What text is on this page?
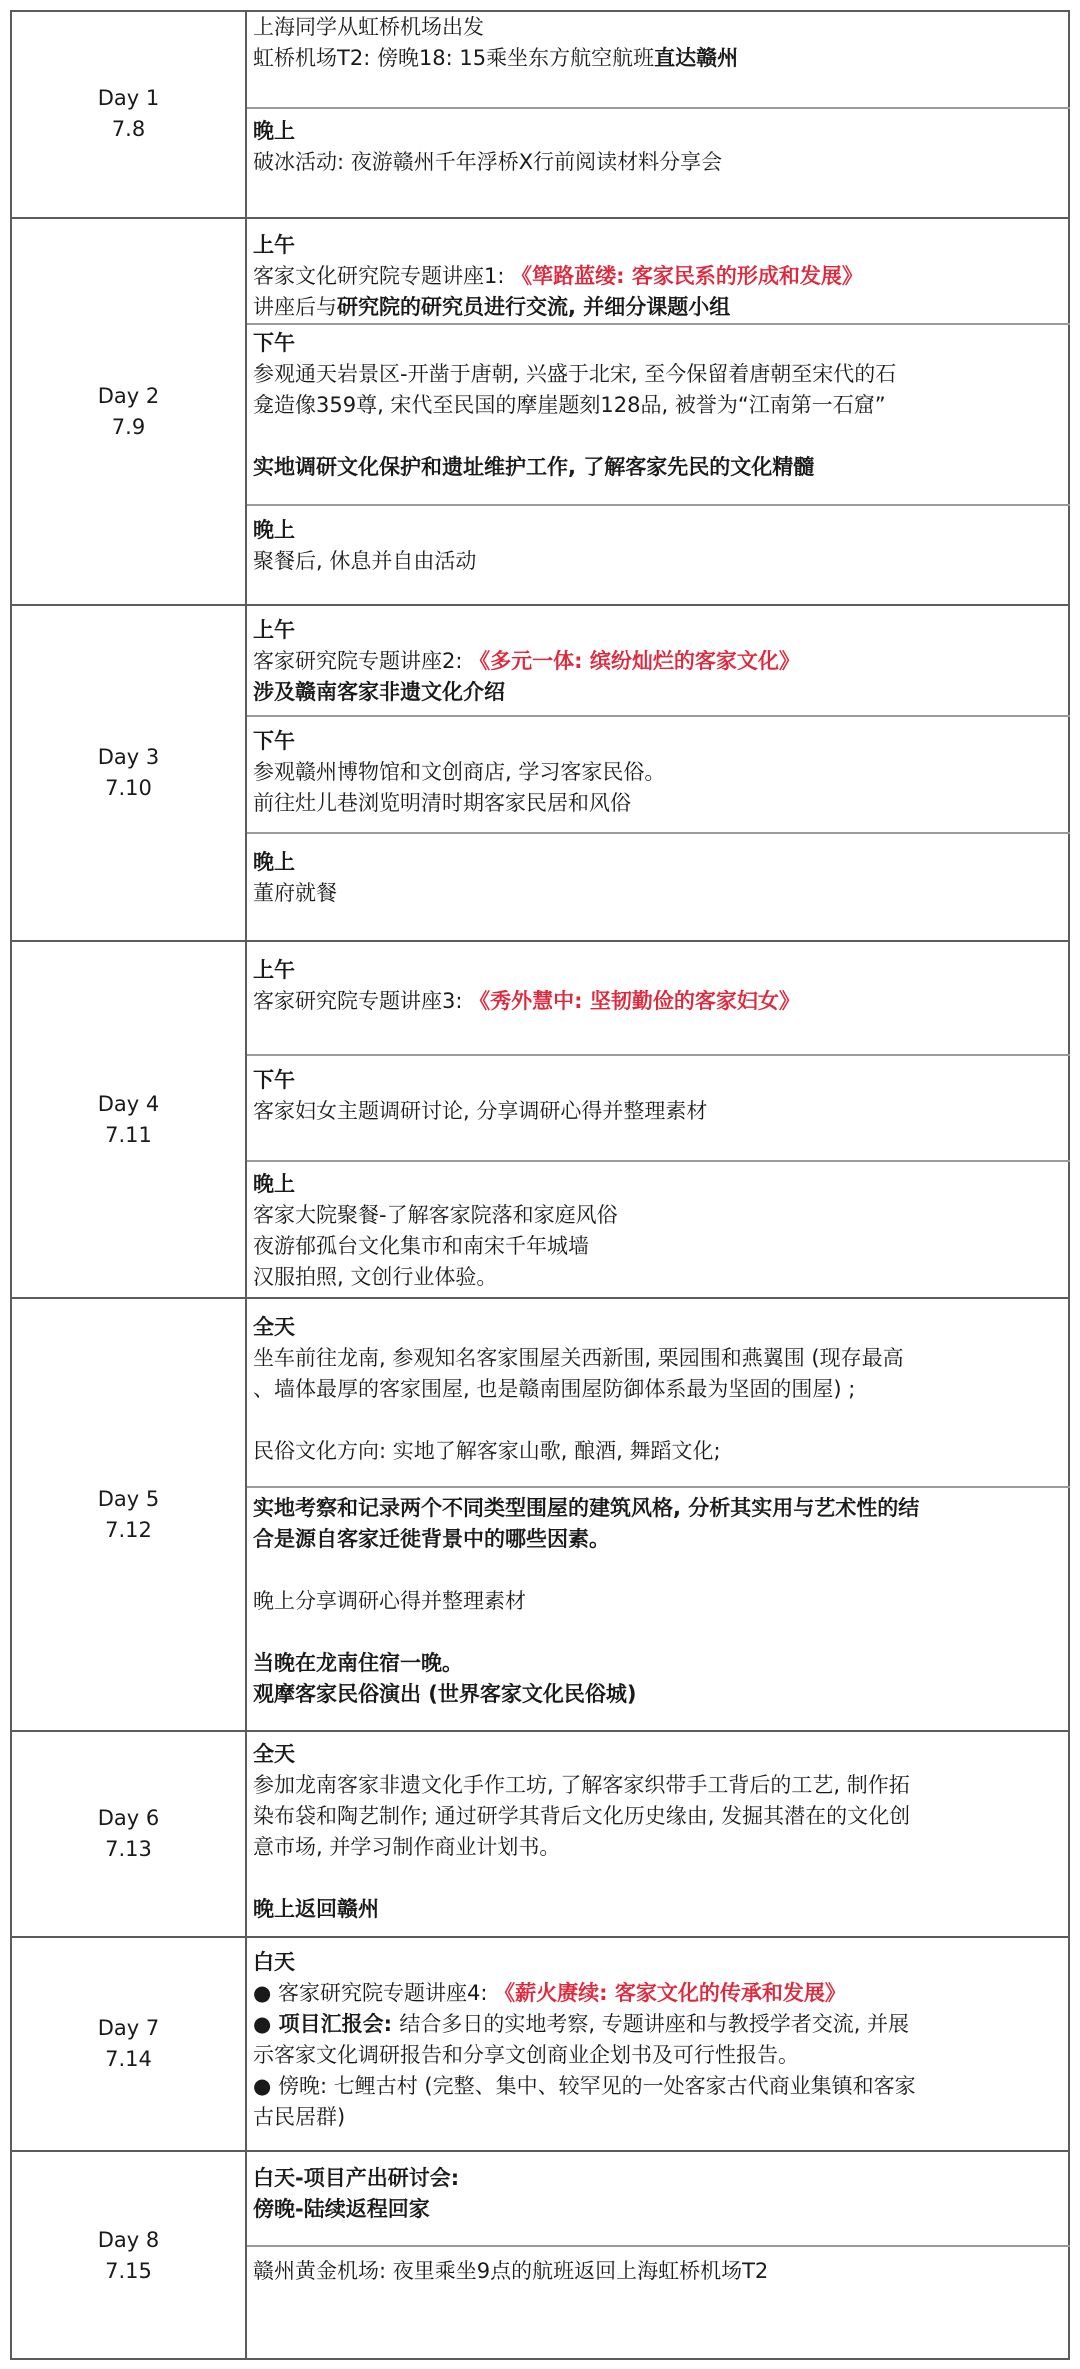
Day 1
7.8
Day 2
7.9
Day 3
7.10
Day 4
7.11
Day 5
7.12
Day 6
7.13
Day 7
7.14
Day 8
7.15
上海同学从虹桥机场出发
虹桥机场T2: 傍晚18: 15乘坐东方航空航班直达赣州
晚上
破冰活动: 夜游赣州千年浮桥X行前阅读材料分享会
上午
客家文化研究院专题讲座1: 《筚路蓝缕: 客家民系的形成和发展》
讲座后与研究院的研究员进行交流, 并细分课题小组
下午
参观通天岩景区-开凿于唐朝, 兴盛于北宋, 至今保留着唐朝至宋代的石
龛造像359尊, 宋代至民国的摩崖题刻128品, 被誉为“江南第一石窟”
实地调研文化保护和遗址维护工作, 了解客家先民的文化精髓
晚上
聚餐后, 休息并自由活动
上午
客家研究院专题讲座2: 《多元一体: 缤纷灿烂的客家文化》
涉及赣南客家非遗文化介绍
下午
参观赣州博物馆和文创商店, 学习客家民俗。
前往灶儿巷浏览明清时期客家民居和风俗
晚上
董府就餐
上午
客家研究院专题讲座3: 《秀外慧中: 坚韧勤俭的客家妇女》
下午
客家妇女主题调研讨论, 分享调研心得并整理素材
晚上
客家大院聚餐-了解客家院落和家庭风俗
夜游郁孤台文化集市和南宋千年城墙
汉服拍照, 文创行业体验。
全天
坐车前往龙南, 参观知名客家围屋关西新围, 栗园围和燕翼围 (现存最高
、墙体最厚的客家围屋, 也是赣南围屋防御体系最为坚固的围屋) ;
民俗文化方向: 实地了解客家山歌, 酿酒, 舞蹈文化;
实地考察和记录两个不同类型围屋的建筑风格, 分析其实用与艺术性的结
合是源自客家迁徙背景中的哪些因素。
晚上分享调研心得并整理素材
当晚在龙南住宿一晚。
观摩客家民俗演出 (世界客家文化民俗城)
全天
参加龙南客家非遗文化手作工坊, 了解客家织带手工背后的工艺, 制作拓
染布袋和陶艺制作; 通过研学其背后文化历史缘由, 发掘其潜在的文化创
意市场, 并学习制作商业计划书。
晚上返回赣州
白天
● 客家研究院专题讲座4: 《薪火赓续: 客家文化的传承和发展》
● 项目汇报会: 结合多日的实地考察, 专题讲座和与教授学者交流, 并展
示客家文化调研报告和分享文创商业企划书及可行性报告。
● 傍晚: 七鲤古村 (完整、集中、较罕见的一处客家古代商业集镇和客家
古民居群)
白天-项目产出研讨会:
傍晚-陆续返程回家
赣州黄金机场: 夜里乘坐9点的航班返回上海虹桥机场T2
